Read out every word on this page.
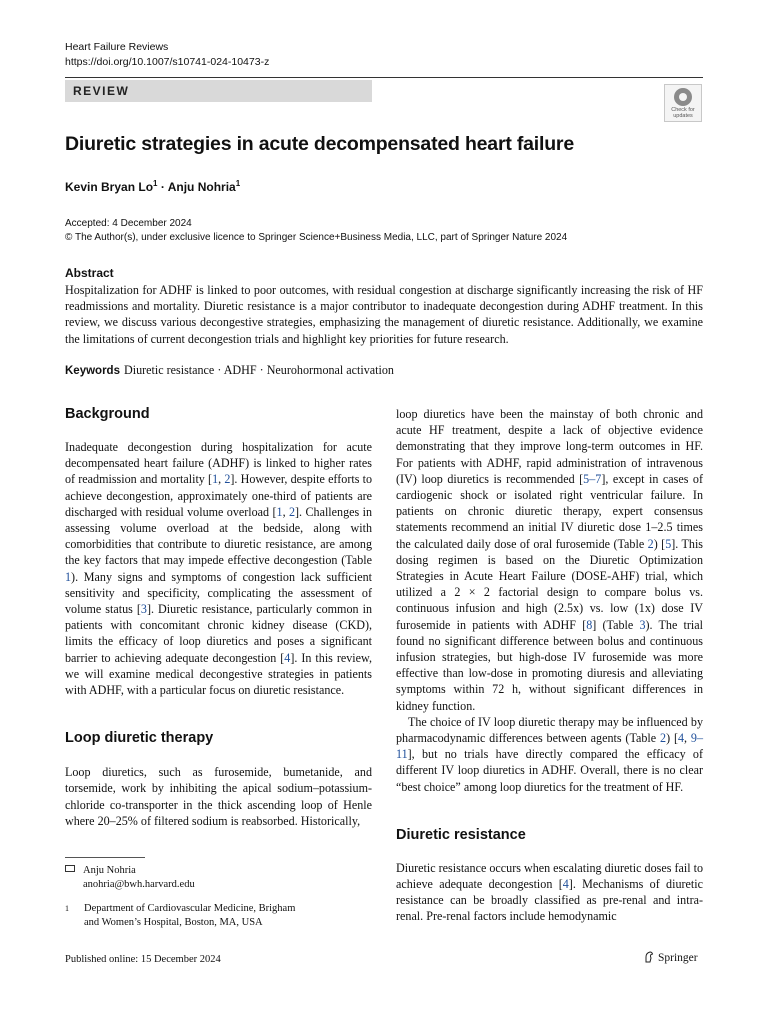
Heart Failure Reviews
https://doi.org/10.1007/s10741-024-10473-z
REVIEW
Check for
updates
Diuretic strategies in acute decompensated heart failure
Kevin Bryan $Lo^1$ · Anju Nohria$^1$
Accepted: 4 December 2024
© The Author(s), under exclusive licence to Springer Science+Business Media, LLC, part of Springer Nature 2024
Abstract
Hospitalization for ADHF is linked to poor outcomes, with residual congestion at discharge significantly increasing the risk of HF readmissions and mortality. Diuretic resistance is a major contributor to inadequate decongestion during ADHF treatment. In this review, we discuss various decongestive strategies, emphasizing the management of diuretic resistance. Additionally, we examine the limitations of current decongestion trials and highlight key priorities for future research.
Keywords Diuretic resistance · ADHF · Neurohormonal activation
Background

Inadequate decongestion during hospitalization for acute decompensated heart failure (ADHF) is linked to higher rates of readmission and mortality [1, 2]. However, despite efforts to achieve decongestion, approximately one-third of patients are discharged with residual volume overload [1, 2]. Challenges in assessing volume overload at the bedside, along with comorbidities that contribute to diuretic resistance, are among the key factors that may impede effective decongestion (Table 1). Many signs and symptoms of congestion lack sufficient sensitivity and specificity, complicating the assessment of volume status [3]. Diuretic resistance, particularly common in patients with concomitant chronic kidney disease (CKD), limits the efficacy of loop diuretics and poses a significant barrier to achieving adequate decongestion [4]. In this review, we will examine medical decongestive strategies in patients with ADHF, with a particular focus on diuretic resistance.

Loop diuretic therapy

Loop diuretics, such as furosemide, bumetanide, and torsemide, work by inhibiting the apical sodium–potassium-chloride co-transporter in the thick ascending loop of Henle where 20–25% of filtered sodium is reabsorbed. Historically,

loop diuretics have been the mainstay of both chronic and acute HF treatment, despite a lack of objective evidence demonstrating that they improve long-term outcomes in HF. For patients with ADHF, rapid administration of intravenous (IV) loop diuretics is recommended [5–7], except in cases of cardiogenic shock or isolated right ventricular failure. In patients on chronic diuretic therapy, expert consensus statements recommend an initial IV diuretic dose 1–2.5 times the calculated daily dose of oral furosemide (Table 2) [5]. This dosing regimen is based on the Diuretic Optimization Strategies in Acute Heart Failure (DOSE-AHF) trial, which utilized a 2 × 2 factorial design to compare bolus vs. continuous infusion and high (2.5x) vs. low (1x) dose IV furosemide in patients with ADHF [8] (Table 3). The trial found no significant difference between bolus and continuous infusion strategies, but high-dose IV furosemide was more effective than low-dose in promoting diuresis and alleviating symptoms within 72 h, without significant differences in kidney function.

The choice of IV loop diuretic therapy may be influenced by pharmacodynamic differences between agents (Table 2) [4, 9–11], but no trials have directly compared the efficacy of different IV loop diuretics in ADHF. Overall, there is no clear “best choice” among loop diuretics for the treatment of HF.

Diuretic resistance

Diuretic resistance occurs when escalating diuretic doses fail to achieve adequate decongestion [4]. Mechanisms of diuretic resistance can be broadly classified as pre-renal and intra-renal. Pre-renal factors include hemodynamic

Anju Nohria
anohria@bwh.harvard.edu
1 Department of Cardiovascular Medicine, Brigham
and Women’s Hospital, Boston, MA, USA
Published online: 15 December 2024	Springer
